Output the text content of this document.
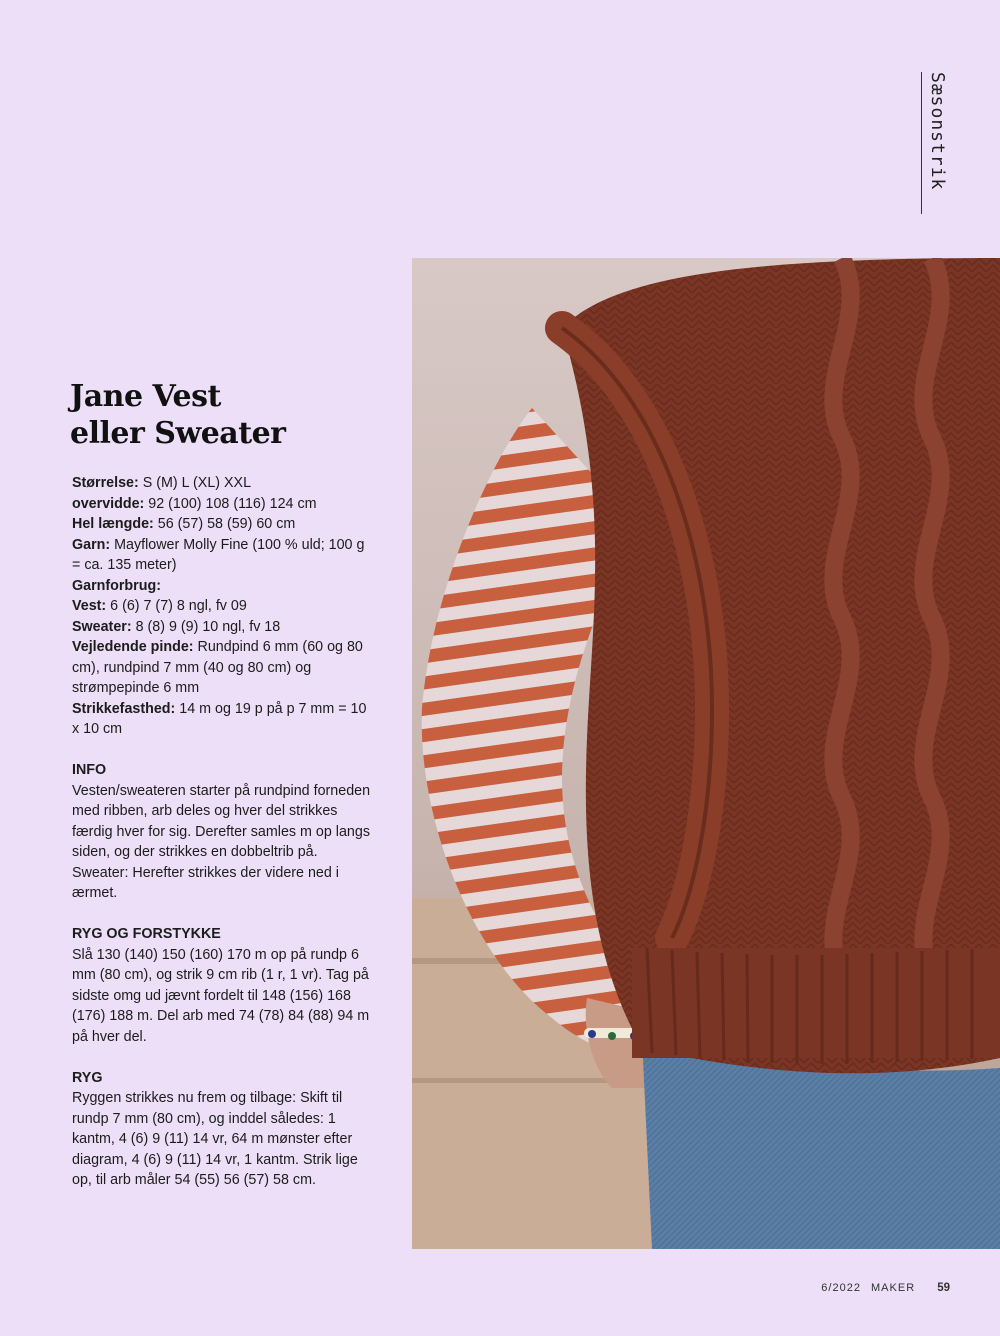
Sæsonstrik
Jane Vest
eller Sweater

Størrelse: S (M) L (XL) XXL

overvidde: 92 (100) 108 (116) 124 cm

Hel længde: 56 (57) 58 (59) 60 cm

Garn: Mayflower Molly Fine (100 % uld; 100 g = ca. 135 meter)

Garnforbrug:

Vest: 6 (6) 7 (7) 8 ngl, fv 09

Sweater: 8 (8) 9 (9) 10 ngl, fv 18

Vejledende pinde: Rundpind 6 mm (60 og 80 cm), rundpind 7 mm (40 og 80 cm) og strømpepinde 6 mm

Strikkefasthed: 14 m og 19 p på p 7 mm = 10 x 10 cm

INFO

Vesten/sweateren starter på rundpind forneden med ribben, arb deles og hver del strikkes færdig hver for sig. Derefter samles m op langs siden, og der strikkes en dobbeltrib på. Sweater: Herefter strikkes der videre ned i ærmet.

RYG OG FORSTYKKE

Slå 130 (140) 150 (160) 170 m op på rundp 6 mm (80 cm), og strik 9 cm rib (1 r, 1 vr). Tag på sidste omg ud jævnt fordelt til 148 (156) 168 (176) 188 m. Del arb med 74 (78) 84 (88) 94 m på hver del.

RYG

Ryggen strikkes nu frem og tilbage: Skift til rundp 7 mm (80 cm), og inddel således: 1 kantm, 4 (6) 9 (11) 14 vr, 64 m mønster efter diagram, 4 (6) 9 (11) 14 vr, 1 kantm. Strik lige op, til arb måler 54 (55) 56 (57) 58 cm.

6/2022 MAKER 59
